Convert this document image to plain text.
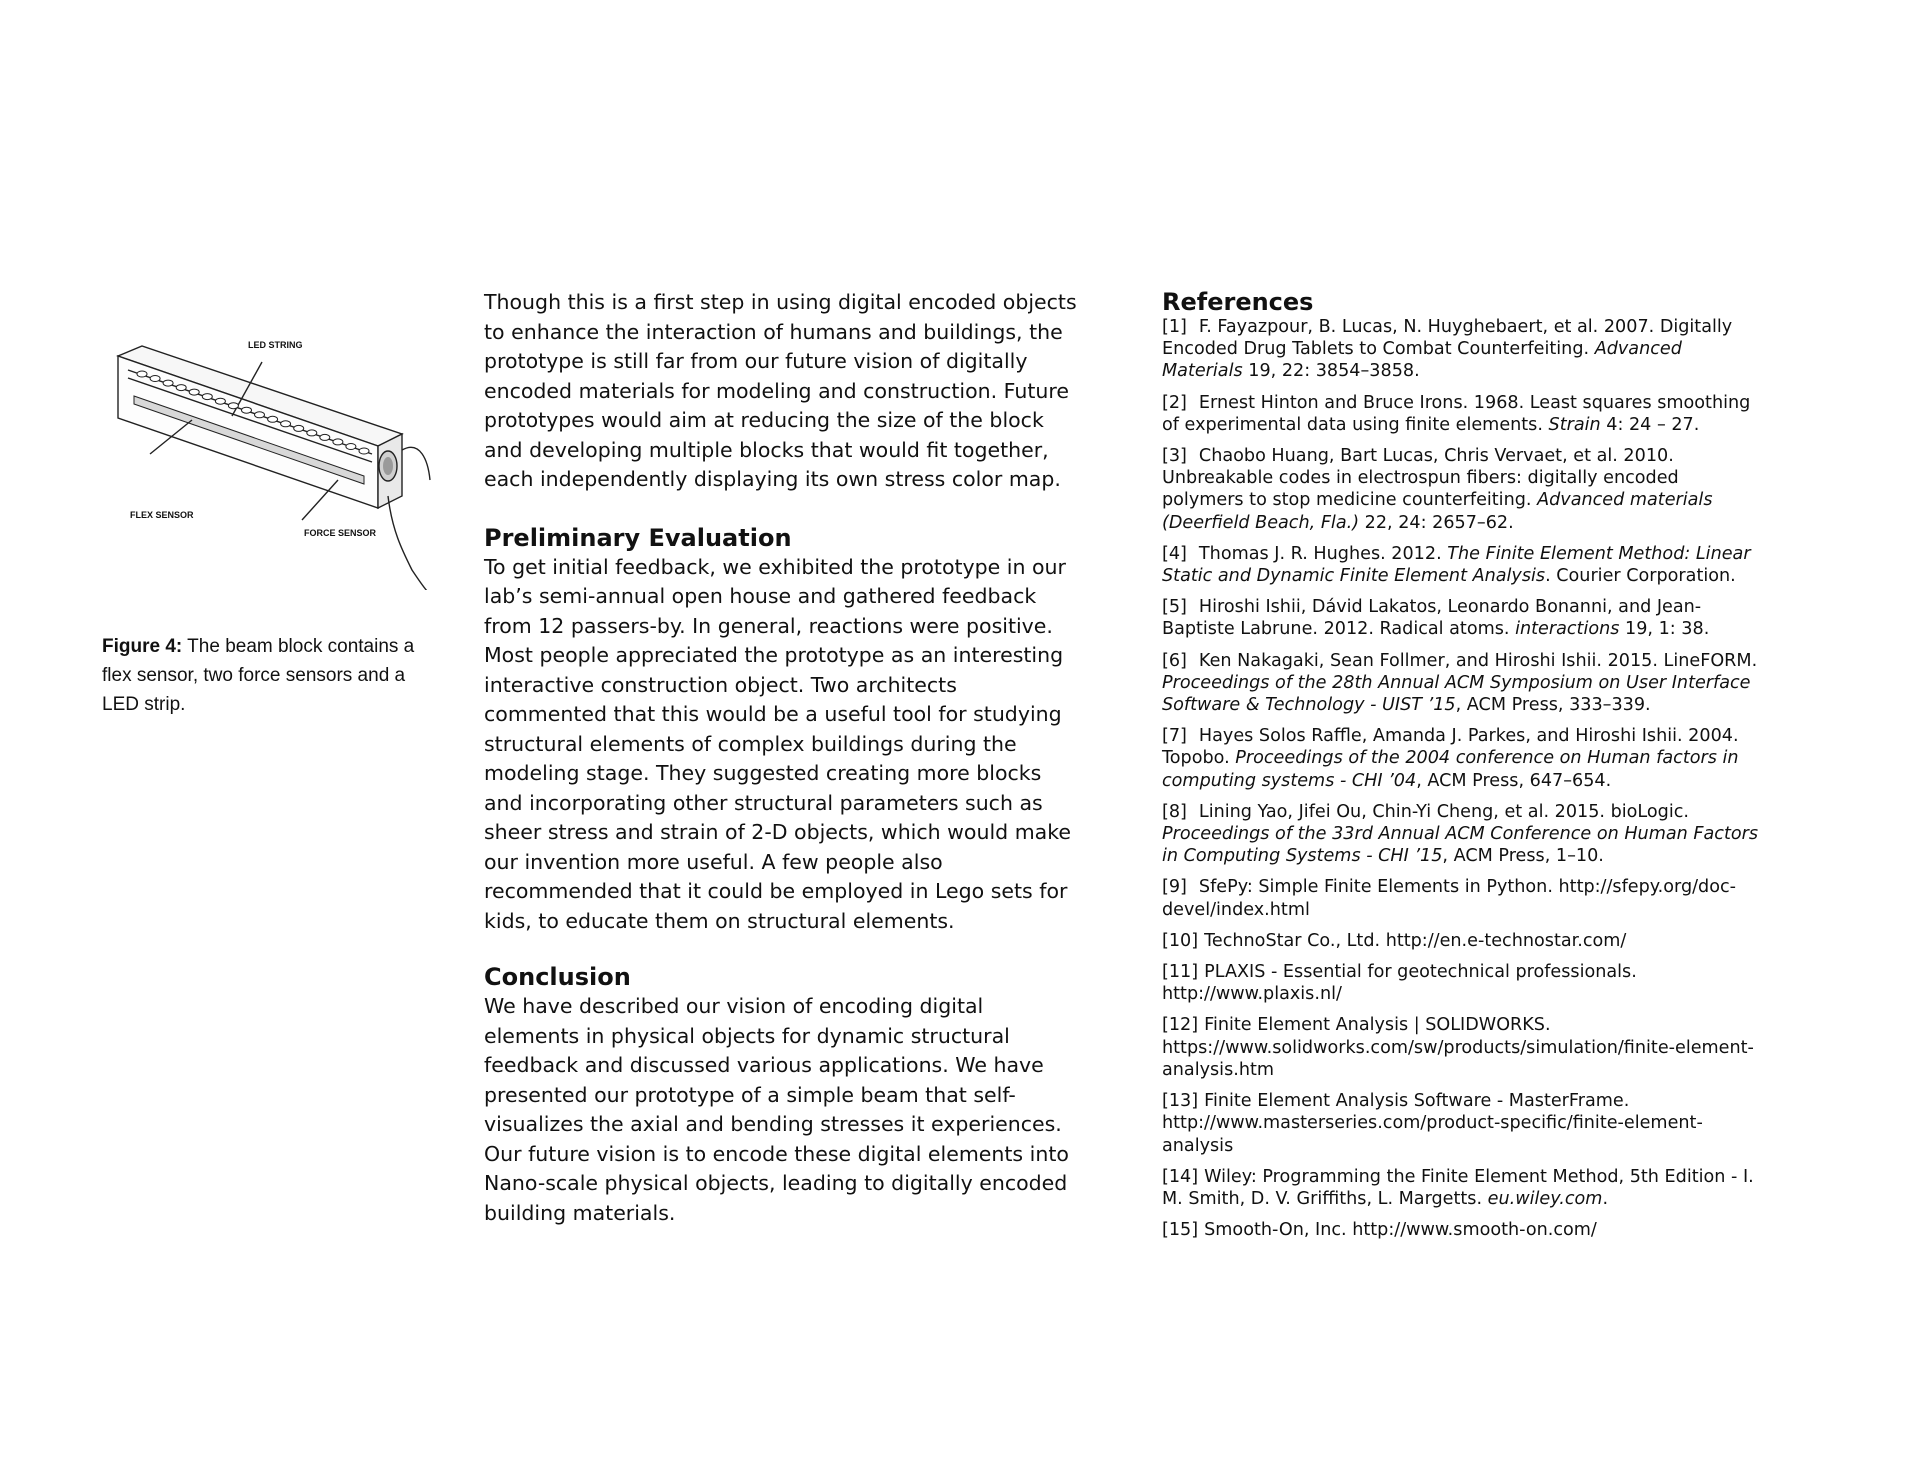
LED STRING
FLEX SENSOR
FORCE SENSOR
Figure 4: The beam block contains a flex sensor, two force sensors and a LED strip.

Though this is a first step in using digital encoded objects to enhance the interaction of humans and buildings, the prototype is still far from our future vision of digitally encoded materials for modeling and construction. Future prototypes would aim at reducing the size of the block and developing multiple blocks that would fit together, each independently displaying its own stress color map.

Preliminary Evaluation

To get initial feedback, we exhibited the prototype in our lab’s semi-annual open house and gathered feedback from 12 passers-by. In general, reactions were positive. Most people appreciated the prototype as an interesting interactive construction object. Two architects commented that this would be a useful tool for studying structural elements of complex buildings during the modeling stage. They suggested creating more blocks and incorporating other structural parameters such as sheer stress and strain of 2-D objects, which would make our invention more useful. A few people also recommended that it could be employed in Lego sets for kids, to educate them on structural elements.

Conclusion

We have described our vision of encoding digital elements in physical objects for dynamic structural feedback and discussed various applications. We have presented our prototype of a simple beam that self-visualizes the axial and bending stresses it experiences. Our future vision is to encode these digital elements into Nano-scale physical objects, leading to digitally encoded building materials.

References

[1] F. Fayazpour, B. Lucas, N. Huyghebaert, et al. 2007. Digitally Encoded Drug Tablets to Combat Counterfeiting. Advanced Materials 19, 22: 3854–3858.

[2] Ernest Hinton and Bruce Irons. 1968. Least squares smoothing of experimental data using finite elements. Strain 4: 24 – 27.

[3] Chaobo Huang, Bart Lucas, Chris Vervaet, et al. 2010. Unbreakable codes in electrospun fibers: digitally encoded polymers to stop medicine counterfeiting. Advanced materials (Deerfield Beach, Fla.) 22, 24: 2657–62.

[4] Thomas J. R. Hughes. 2012. The Finite Element Method: Linear Static and Dynamic Finite Element Analysis. Courier Corporation.

[5] Hiroshi Ishii, Dávid Lakatos, Leonardo Bonanni, and Jean-Baptiste Labrune. 2012. Radical atoms. interactions 19, 1: 38.

[6] Ken Nakagaki, Sean Follmer, and Hiroshi Ishii. 2015. LineFORM. Proceedings of the 28th Annual ACM Symposium on User Interface Software & Technology - UIST ’15, ACM Press, 333–339.

[7] Hayes Solos Raffle, Amanda J. Parkes, and Hiroshi Ishii. 2004. Topobo. Proceedings of the 2004 conference on Human factors in computing systems - CHI ’04, ACM Press, 647–654.

[8] Lining Yao, Jifei Ou, Chin-Yi Cheng, et al. 2015. bioLogic. Proceedings of the 33rd Annual ACM Conference on Human Factors in Computing Systems - CHI ’15, ACM Press, 1–10.

[9] SfePy: Simple Finite Elements in Python. http://sfepy.org/doc-devel/index.html

[10] TechnoStar Co., Ltd. http://en.e-technostar.com/

[11] PLAXIS - Essential for geotechnical professionals. http://www.plaxis.nl/

[12] Finite Element Analysis | SOLIDWORKS. https://www.solidworks.com/sw/products/simulation/finite-element-analysis.htm

[13] Finite Element Analysis Software - MasterFrame. http://www.masterseries.com/product-specific/finite-element-analysis

[14] Wiley: Programming the Finite Element Method, 5th Edition - I. M. Smith, D. V. Griffiths, L. Margetts. eu.wiley.com.

[15] Smooth-On, Inc. http://www.smooth-on.com/
